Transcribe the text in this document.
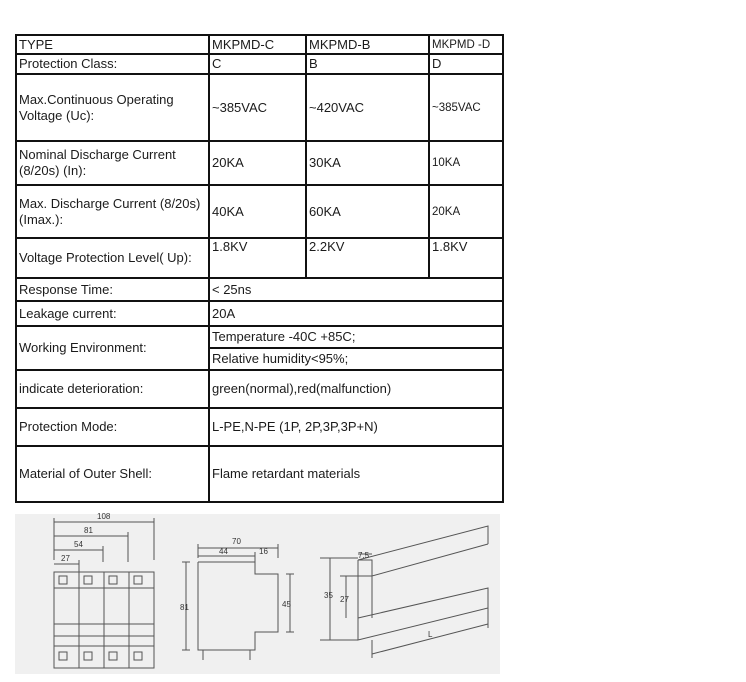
TYPE	MKPMD-C	MKPMD-B	MKPMD -D
Protection Class:	C	B	D
Max.Continuous Operating Voltage (Uc):	~385VAC	~420VAC	~385VAC
Nominal Discharge Current (8/20s) (In):	20KA	30KA	10KA
Max. Discharge Current (8/20s) (Imax.):	40KA	60KA	20KA
Voltage Protection Level( Up):	1.8KV	2.2KV	1.8KV
Response Time:	< 25ns		
Leakage current:	20A		
Working Environment:	Temperature -40C +85C;		
	Relative humidity<95%;		
indicate deterioration:	green(normal),red(malfunction)		
Protection Mode:	L-PE,N-PE (1P, 2P,3P,3P+N)		
Material of Outer Shell:	Flame retardant materials		
108
81
54
27
70
44	16
81	45
7.5
35 27
L
